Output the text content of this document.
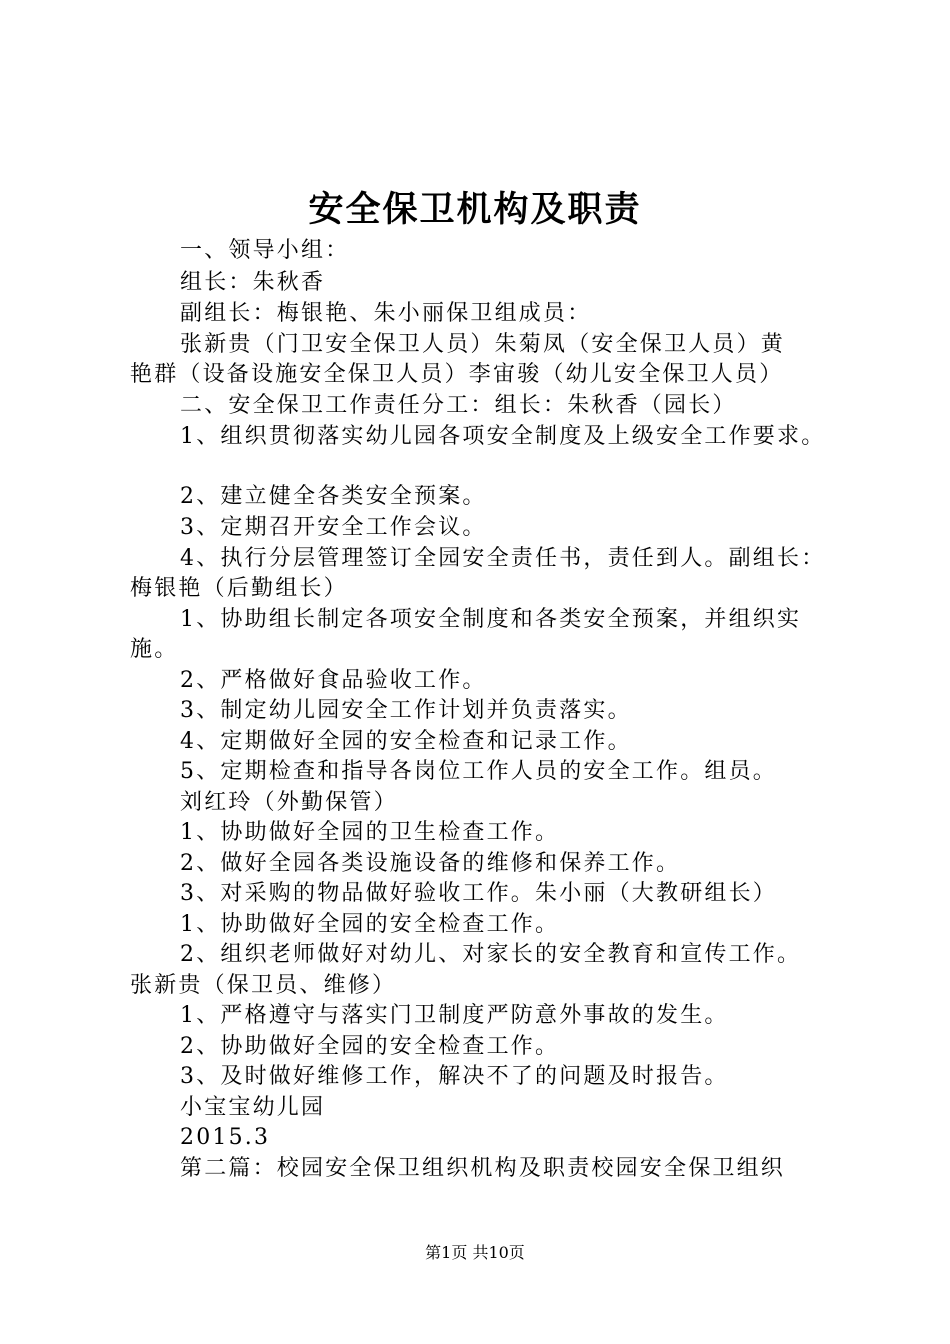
安全保卫机构及职责
一、领导小组：
组长：朱秋香
副组长：梅银艳、朱小丽保卫组成员：
张新贵（门卫安全保卫人员）朱菊凤（安全保卫人员）黄
艳群（设备设施安全保卫人员）李宙骏（幼儿安全保卫人员）
二、安全保卫工作责任分工：组长：朱秋香（园长）
1、组织贯彻落实幼儿园各项安全制度及上级安全工作要求。
2、建立健全各类安全预案。
3、定期召开安全工作会议。
4、执行分层管理签订全园安全责任书，责任到人。副组长：
梅银艳（后勤组长）
1、协助组长制定各项安全制度和各类安全预案，并组织实
施。
2、严格做好食品验收工作。
3、制定幼儿园安全工作计划并负责落实。
4、定期做好全园的安全检查和记录工作。
5、定期检查和指导各岗位工作人员的安全工作。组员。
刘红玲（外勤保管）
1、协助做好全园的卫生检查工作。
2、做好全园各类设施设备的维修和保养工作。
3、对采购的物品做好验收工作。朱小丽（大教研组长）
1、协助做好全园的安全检查工作。
2、组织老师做好对幼儿、对家长的安全教育和宣传工作。
张新贵（保卫员、维修）
1、严格遵守与落实门卫制度严防意外事故的发生。
2、协助做好全园的安全检查工作。
3、及时做好维修工作，解决不了的问题及时报告。
小宝宝幼儿园
2015.3
第二篇：校园安全保卫组织机构及职责校园安全保卫组织
第1页 共10页
